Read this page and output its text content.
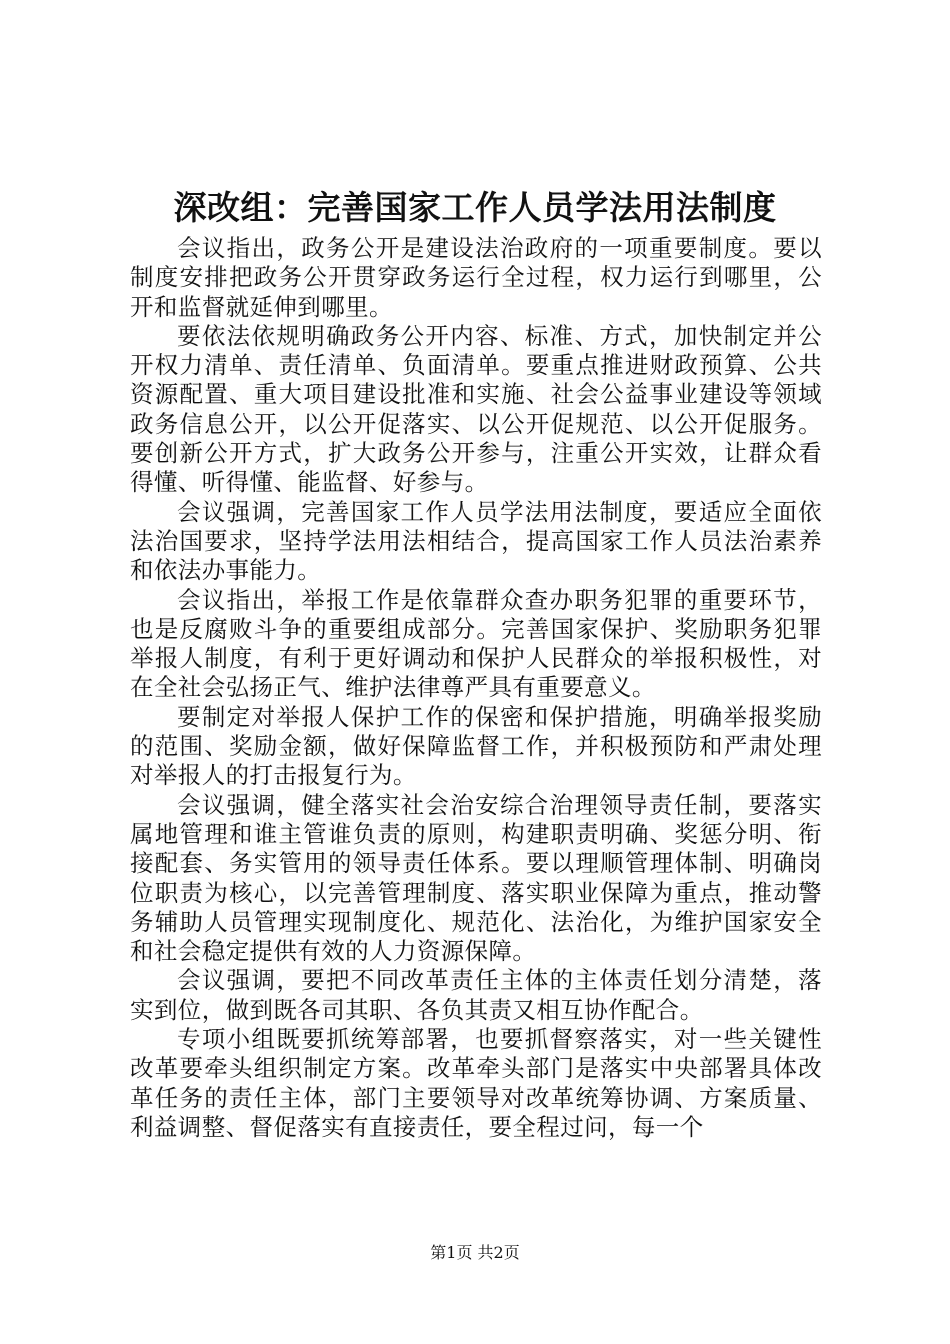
深改组：完善国家工作人员学法用法制度

会议指出，政务公开是建设法治政府的一项重要制度。要以制度安排把政务公开贯穿政务运行全过程，权力运行到哪里，公开和监督就延伸到哪里。

要依法依规明确政务公开内容、标准、方式，加快制定并公开权力清单、责任清单、负面清单。要重点推进财政预算、公共资源配置、重大项目建设批准和实施、社会公益事业建设等领域政务信息公开，以公开促落实、以公开促规范、以公开促服务。要创新公开方式，扩大政务公开参与，注重公开实效，让群众看得懂、听得懂、能监督、好参与。

会议强调，完善国家工作人员学法用法制度，要适应全面依法治国要求，坚持学法用法相结合，提高国家工作人员法治素养和依法办事能力。

会议指出，举报工作是依靠群众查办职务犯罪的重要环节，也是反腐败斗争的重要组成部分。完善国家保护、奖励职务犯罪举报人制度，有利于更好调动和保护人民群众的举报积极性，对在全社会弘扬正气、维护法律尊严具有重要意义。

要制定对举报人保护工作的保密和保护措施，明确举报奖励的范围、奖励金额，做好保障监督工作，并积极预防和严肃处理对举报人的打击报复行为。

会议强调，健全落实社会治安综合治理领导责任制，要落实属地管理和谁主管谁负责的原则，构建职责明确、奖惩分明、衔接配套、务实管用的领导责任体系。要以理顺管理体制、明确岗位职责为核心，以完善管理制度、落实职业保障为重点，推动警务辅助人员管理实现制度化、规范化、法治化，为维护国家安全和社会稳定提供有效的人力资源保障。

会议强调，要把不同改革责任主体的主体责任划分清楚，落实到位，做到既各司其职、各负其责又相互协作配合。

专项小组既要抓统筹部署，也要抓督察落实，对一些关键性改革要牵头组织制定方案。改革牵头部门是落实中央部署具体改革任务的责任主体，部门主要领导对改革统筹协调、方案质量、利益调整、督促落实有直接责任，要全程过问，每一个

第1页 共2页
